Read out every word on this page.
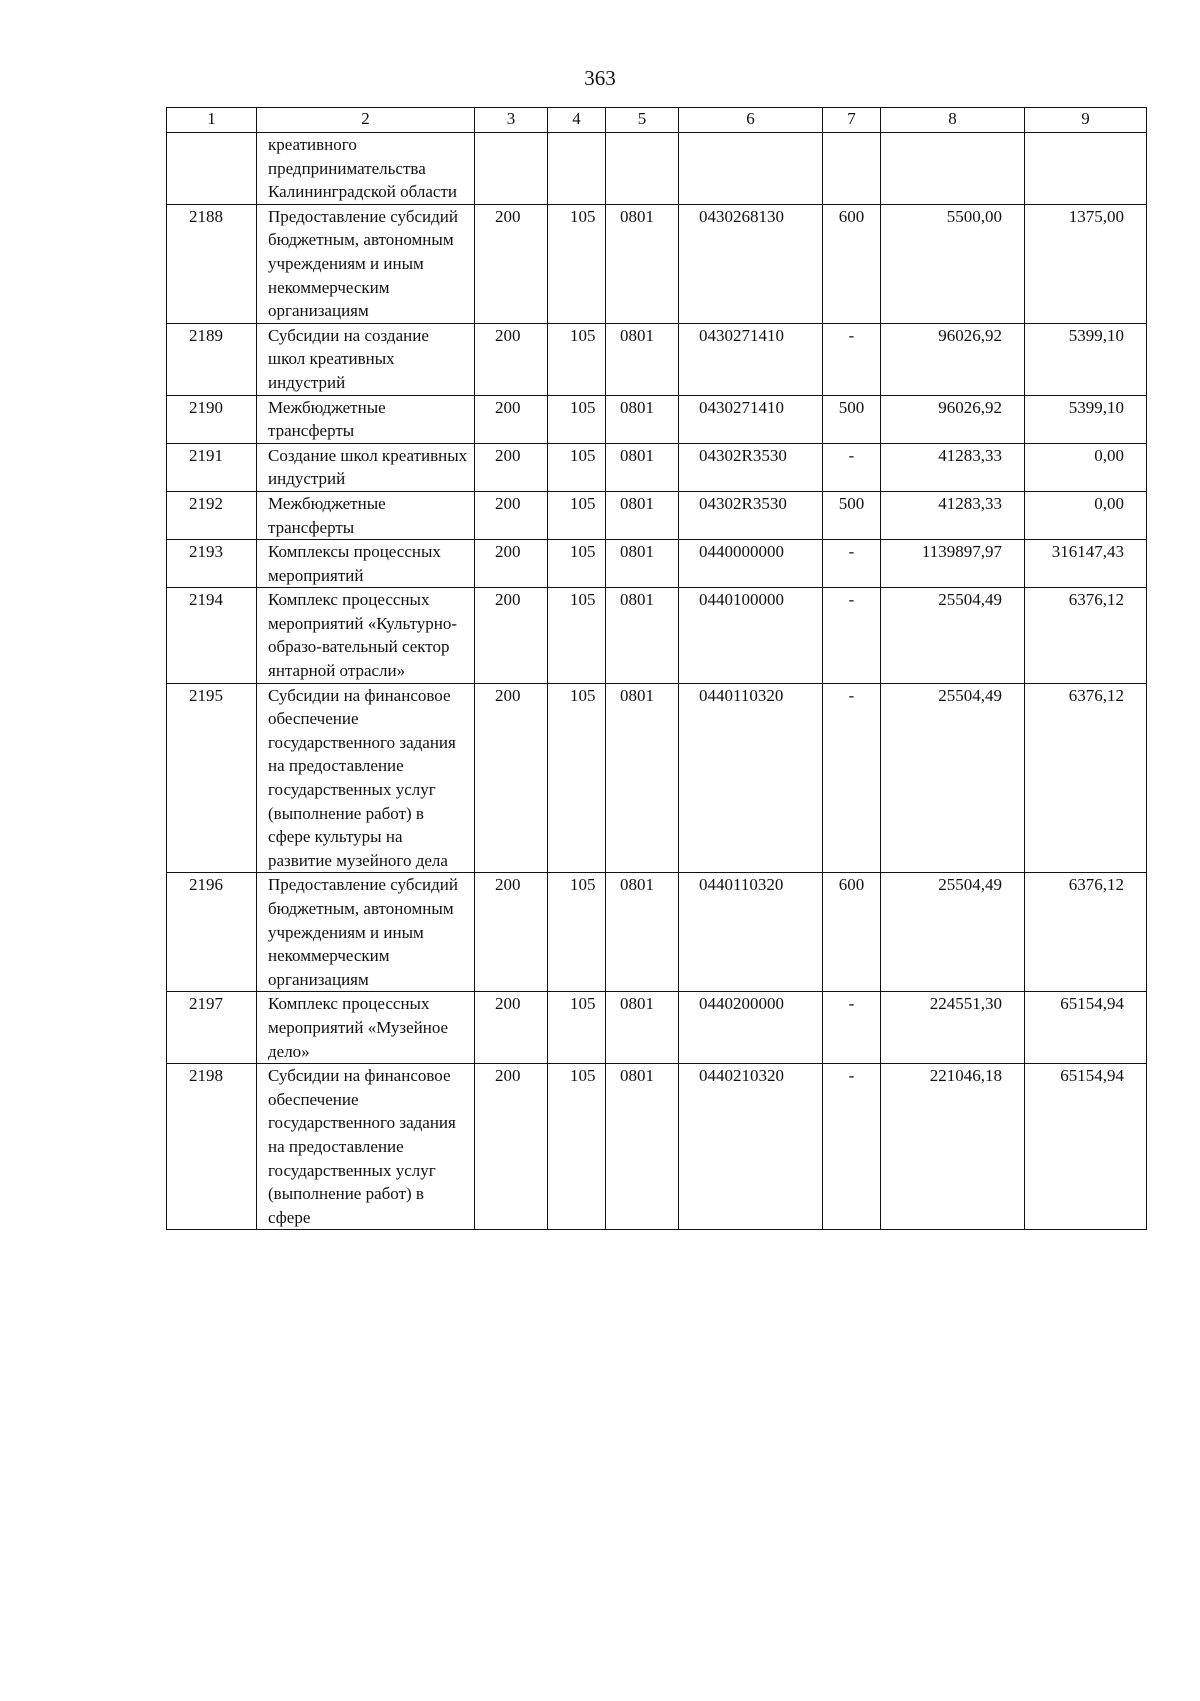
363
1	2	3	4	5	6	7	8	9
	креативного предпринимательства Калининградской области							
2188	Предоставление субсидий бюджетным, автономным учреждениям и иным некоммерческим организациям	200	105	0801	0430268130	600	5500,00	1375,00
2189	Субсидии на создание школ креативных индустрий	200	105	0801	0430271410	-	96026,92	5399,10
2190	Межбюджетные трансферты	200	105	0801	0430271410	500	96026,92	5399,10
2191	Создание школ креативных индустрий	200	105	0801	04302R3530	-	41283,33	0,00
2192	Межбюджетные трансферты	200	105	0801	04302R3530	500	41283,33	0,00
2193	Комплексы процессных мероприятий	200	105	0801	0440000000	-	1139897,97	316147,43
2194	Комплекс процессных мероприятий «Культурно-образо-вательный сектор янтарной отрасли»	200	105	0801	0440100000	-	25504,49	6376,12
2195	Субсидии на финансовое обеспечение государственного задания на предоставление государственных услуг (выполнение работ) в сфере культуры на развитие музейного дела	200	105	0801	0440110320	-	25504,49	6376,12
2196	Предоставление субсидий бюджетным, автономным учреждениям и иным некоммерческим организациям	200	105	0801	0440110320	600	25504,49	6376,12
2197	Комплекс процессных мероприятий «Музейное дело»	200	105	0801	0440200000	-	224551,30	65154,94
2198	Субсидии на финансовое обеспечение государственного задания на предоставление государственных услуг (выполнение работ) в сфере	200	105	0801	0440210320	-	221046,18	65154,94
